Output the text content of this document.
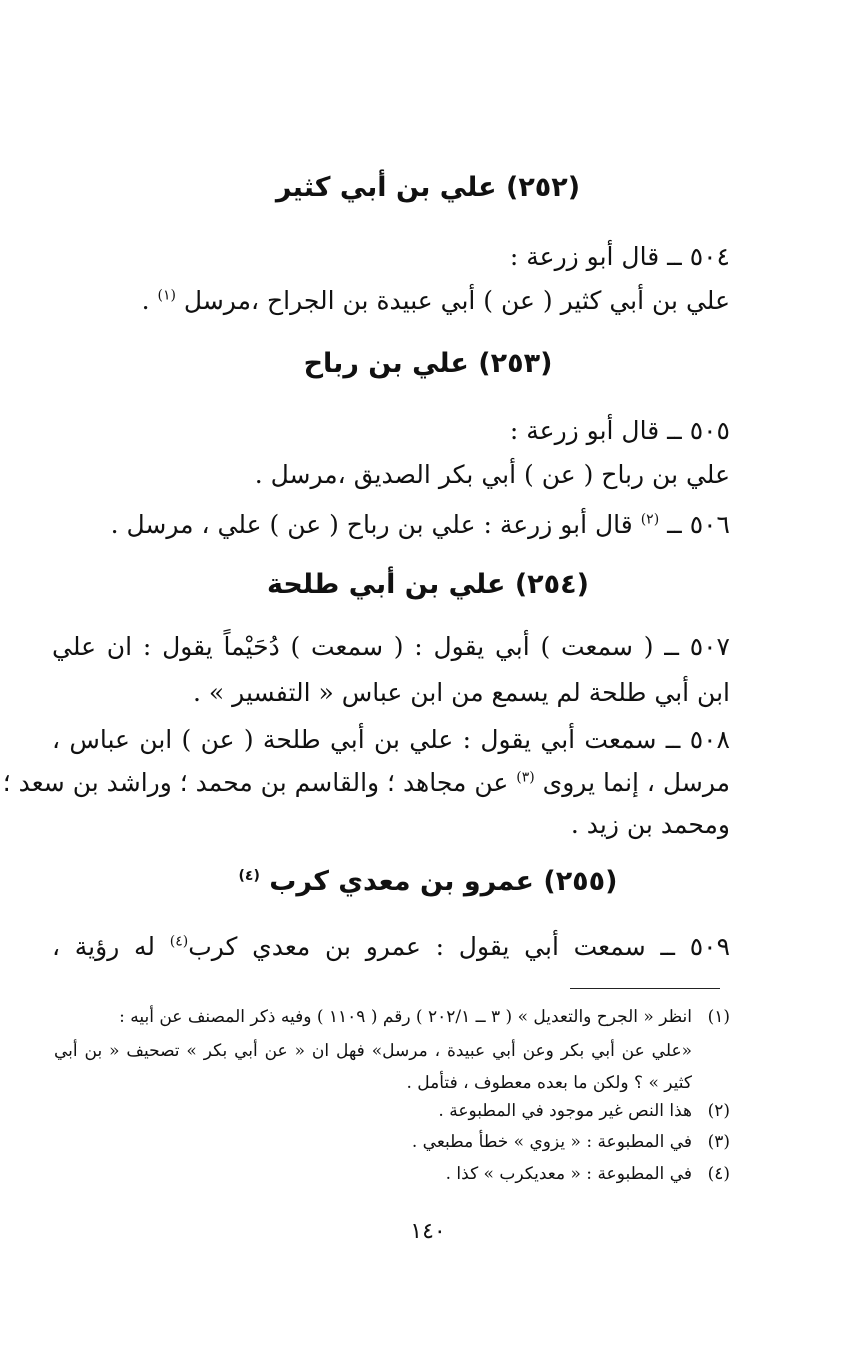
(٢٥٢) علي بن أبي كثير
٥٠٤ ــ قال أبو زرعة :
علي بن أبي كثير ( عن ) أبي عبيدة بن الجراح ،مرسل $^{(١)}$ .
(٢٥٣) علي بن رباح
٥٠٥ ــ قال أبو زرعة :
علي بن رباح ( عن ) أبي بكر الصديق ،مرسل .
٥٠٦ ــ $^{(٢)}$ قال أبو زرعة : علي بن رباح ( عن ) علي ، مرسل .
(٢٥٤) علي بن أبي طلحة
٥٠٧ ــ ( سمعت ) أبي يقول : ( سمعت ) دُحَيْماً يقول : ان علي
ابن أبي طلحة لم يسمع من ابن عباس « التفسير » .
٥٠٨ ــ سمعت أبي يقول : علي بن أبي طلحة ( عن ) ابن عباس ،
مرسل ، إنما يروى $^{(٣)}$ عن مجاهد ؛ والقاسم بن محمد ؛ وراشد بن سعد ؛
ومحمد بن زيد .
(٢٥٥) عمرو بن معدي كرب $^{(٤)}$
٥٠٩ ــ سمعت أبي يقول : عمرو بن معدي كرب$^{(٤)}$ له رؤية ،
(١)انظر « الجرح والتعديل » ( ٣ ــ ٢٠٢/١ ) رقم ( ١١٠٩ ) وفيه ذكر المصنف عن أبيه :
«علي عن أبي بكر وعن أبي عبيدة ، مرسل» فهل ان « عن أبي بكر » تصحيف « بن أبي
كثير » ؟ ولكن ما بعده معطوف ، فتأمل .
(٢)هذا النص غير موجود في المطبوعة .
(٣)في المطبوعة : « يزوي » خطأ مطبعي .
(٤)في المطبوعة : « معديكرب » كذا .
١٤٠
